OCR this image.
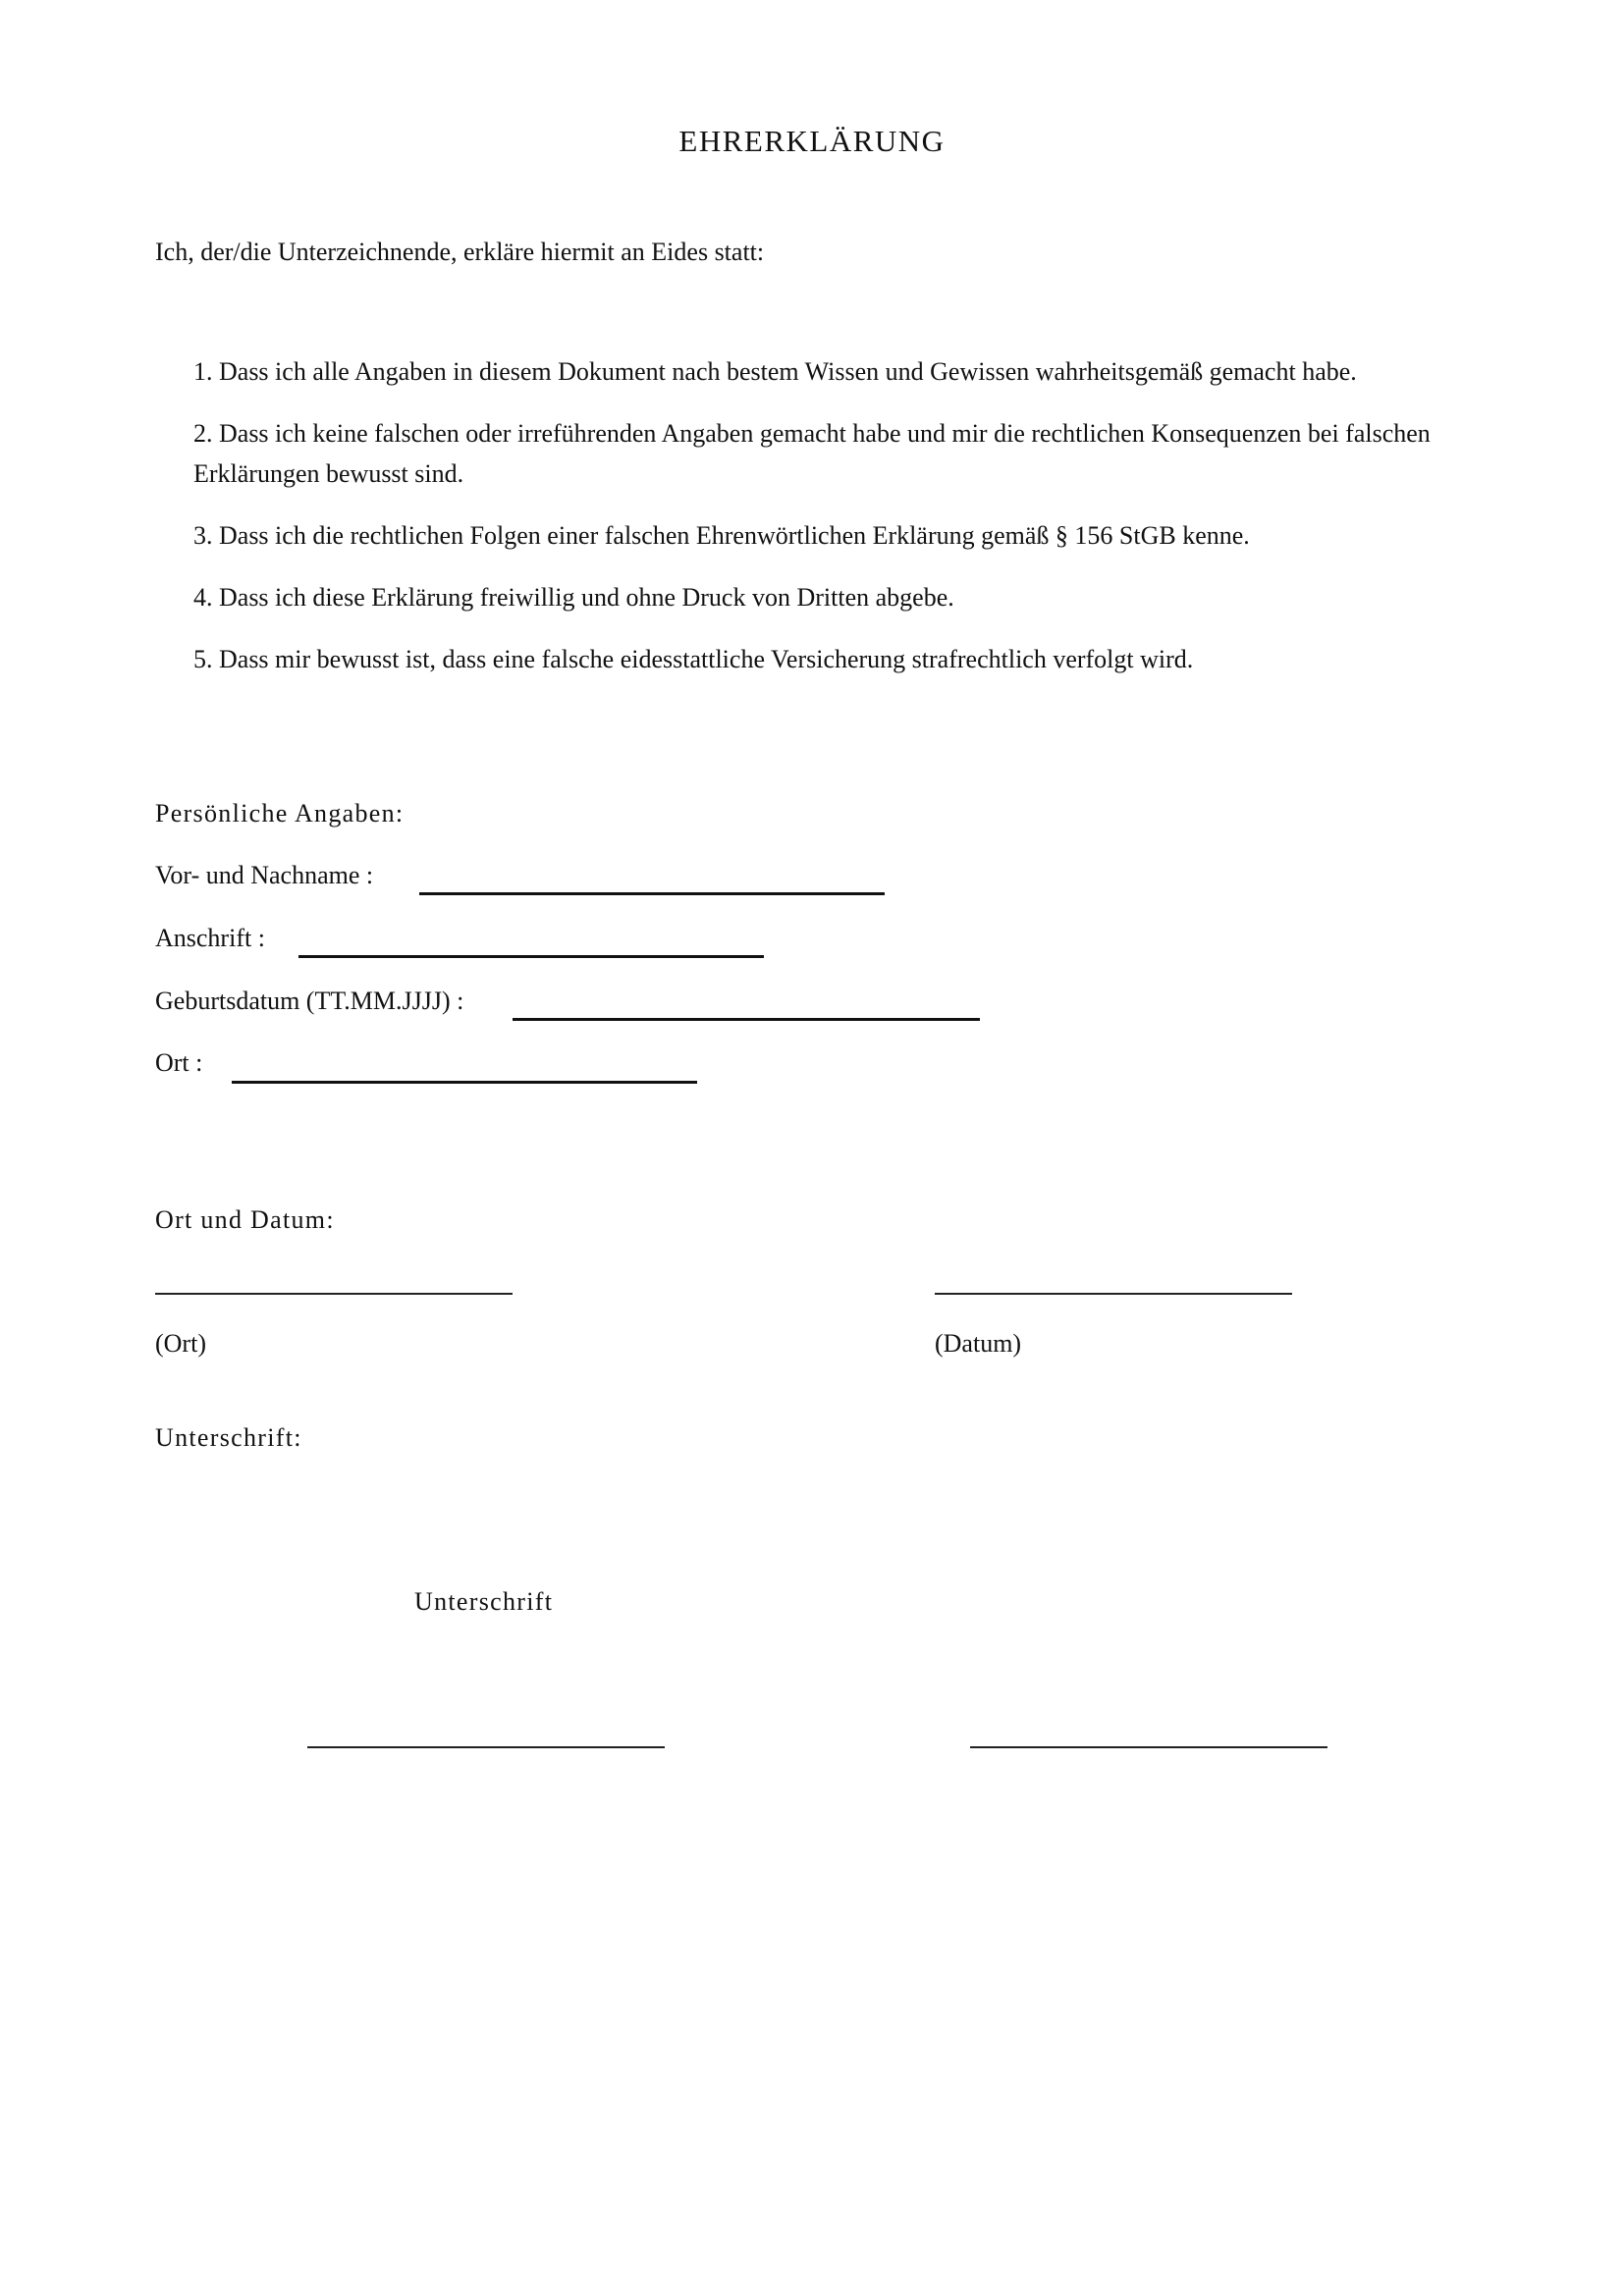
EHRERKLÄRUNG
Ich, der/die Unterzeichnende, erkläre hiermit an Eides statt:
1. Dass ich alle Angaben in diesem Dokument nach bestem Wissen und Gewissen wahrheitsgemäß gemacht habe.
2. Dass ich keine falschen oder irreführenden Angaben gemacht habe und mir die rechtlichen Konsequenzen bei falschen Erklärungen bewusst sind.
3. Dass ich die rechtlichen Folgen einer falschen Ehrenwörtlichen Erklärung gemäß § 156 StGB kenne.
4. Dass ich diese Erklärung freiwillig und ohne Druck von Dritten abgebe.
5. Dass mir bewusst ist, dass eine falsche eidesstattliche Versicherung strafrechtlich verfolgt wird.
Persönliche Angaben:
Vor- und Nachname :
Anschrift :
Geburtsdatum (TT.MM.JJJJ) :
Ort :
Ort und Datum:
(Ort)	(Datum)
Unterschrift:
Unterschrift
